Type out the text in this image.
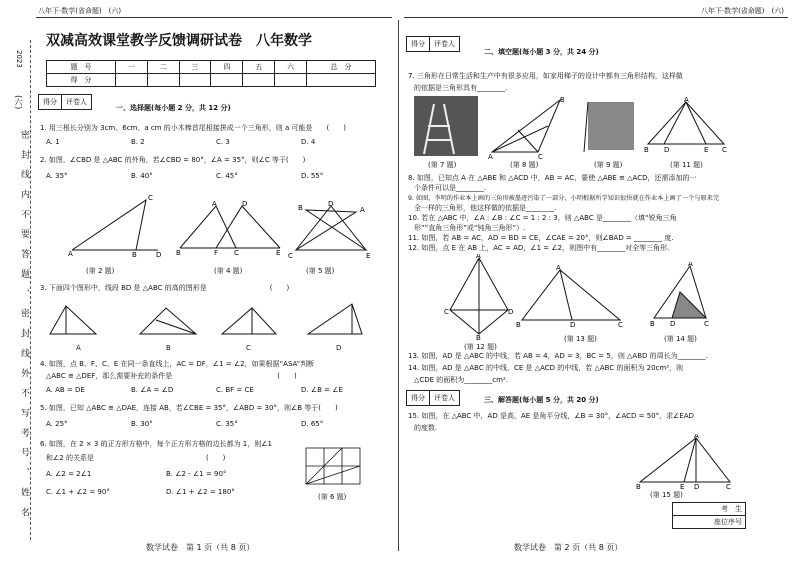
2023
(六)
密 封 线 内 不 要 答 题 、 密 封 线 外 不 写 考 号 、 姓 名
八年下·数学(省命题)　(六)
双减高效课堂教学反馈调研试卷　八年数学
题　号	一	二	三	四	五	六	总　分
得　分							
得分	评卷人
一、选择题(每小题 2 分，共 12 分)
1. 用三根长分别为 3cm、6cm、a cm 的小木棒首尾相接拼成一个三角形，则 a 可能是　　(　　)
A. 1	B. 2	C. 3	D. 4
2. 如图，∠CBD 是 △ABC 的外角，若∠CBD = 80°，∠A = 35°，则∠C 等于(　　)
A. 35°	B. 40°	C. 45°	D. 55°
A	B	D
C
(第 2 题)
B	F C	E
A	D
(第 4 题)
C	E
D
B	A
(第 5 题)
3. 下面四个图形中，线段 BD 是 △ABC 的高的图形是　　　　　　　　　(　　)
A	B	C	D
4. 如图，点 B、F、C、E 在同一条直线上，AC = DF，∠1 = ∠2，如果根据“ASA”判断
△ABC ≌ △DEF，那么需要补充的条件是　　　　　　　　　　　　　　　(　　)
A. AB = DE	B. ∠A = ∠D	C. BF = CE	D. ∠B = ∠E
5. 如图，已知 △ABC ≌ △DAE，连接 AB，若∠CBE = 35°，∠ABD = 30°，则∠B 等于(　　)
A. 25°	B. 30°	C. 35°	D. 65°
6. 如图，在 2 × 3 的正方形方格中，每个正方形方格的边长都为 1，则∠1
和∠2 的关系是　　　　　　　　　　　　　　　　(　　)
A. ∠2 = 2∠1	B. ∠2 - ∠1 = 90°
C. ∠1 + ∠2 = 90°	D. ∠1 + ∠2 = 180°
(第 6 题)
数学试卷　第 1 页（共 8 页）
八年下·数学(省命题)　(六)
得分	评卷人
二、填空题(每小题 3 分，共 24 分)
7. 三角形在日常生活和生产中有很多应用，如家用梯子的设计中都有三角形结构，这样做
的依据是三角形具有________.
(第 7 题)
A
B
C
(第 8 题)	(第 9 题)
A
B D	E C
(第 11 题)
8. 如图，已知点 A 在 △ABE 和 △ACD 中，AB = AC，要使 △ABE ≌ △ACD，还需添加的一
个条件可以是________.
9. 如图，李明的作业本上画的三角形被墨迹污染了一部分，小明根据所学知识很快就在作业本上画了一个与原来完
全一样的三角形，他这样做的依据是________.
10. 若在 △ABC 中，∠A : ∠B : ∠C = 1 : 2 : 3，则 △ABC 是________（填“锐角三角
形”“直角三角形”或“钝角三角形”）.
11. 如图，若 AB = AC，AD = BD = CE，∠CAE = 20°，则∠BAD = ________ 度.
12. 如图，点 E 在 AB 上，AC = AD，∠1 = ∠2，则图中有________对全等三角形.
A
C	D
B
(第 12 题)
A
B	D	C
(第 13 题)
A
B D	C
(第 14 题)
13. 如图，AD 是 △ABC 的中线，若 AB = 4，AD = 3，BC = 5，则 △ABD 的周长为________.
14. 如图，AD 是 △ABC 的中线，CE 是 △ACD 的中线，若 △ABC 的面积为 20cm²，则
△CDE 的面积为________cm².
得分	评卷人	三、解答题(每小题 5 分，共 20 分)
15. 如图，在 △ABC 中，AD 是高，AE 是角平分线，∠B = 30°，∠ACD = 50°，求∠EAD
的度数.
A
B	E D	C
(第 15 题)
考　生
座位序号
数学试卷　第 2 页（共 8 页）
